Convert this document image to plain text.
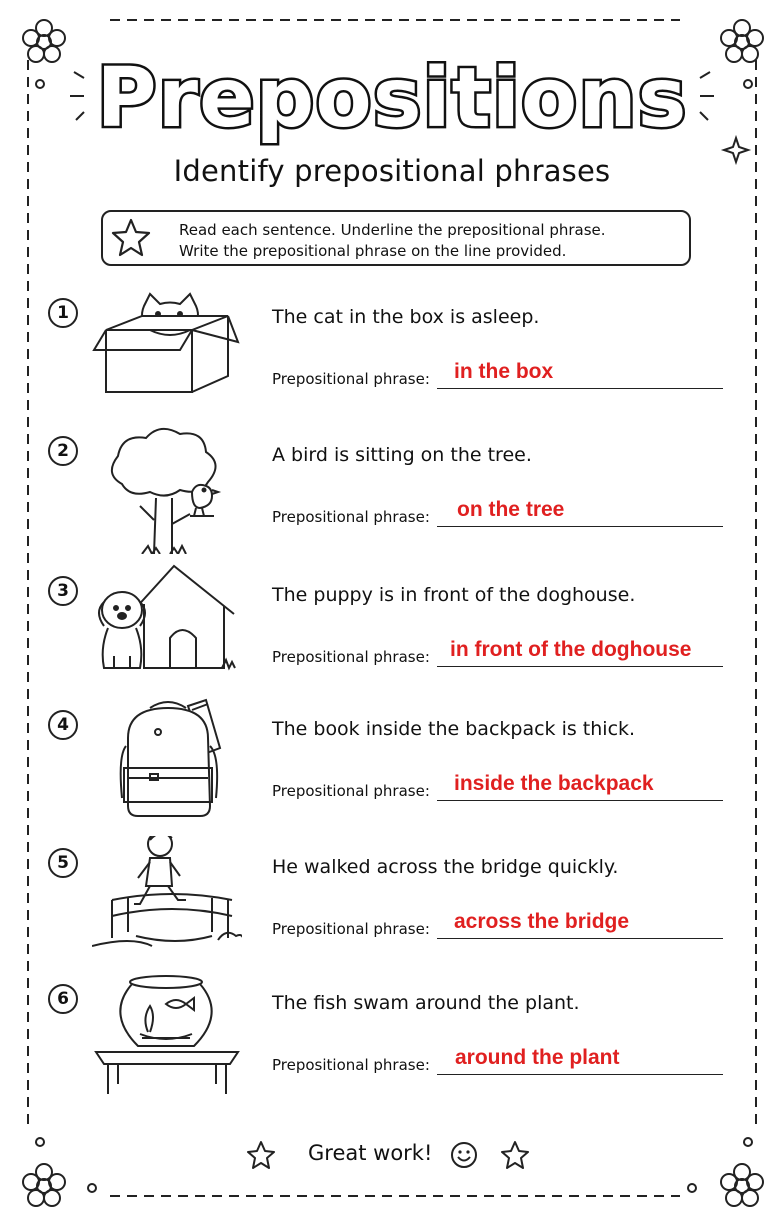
Prepositions
Identify prepositional phrases
Read each sentence. Underline the prepositional phrase.
Write the prepositional phrase on the line provided.
1	The cat in the box is asleep.
Prepositional phrase: in the box
2	A bird is sitting on the tree.
Prepositional phrase: on the tree
3	The puppy is in front of the doghouse.
Prepositional phrase: in front of the doghouse
4	The book inside the backpack is thick.
Prepositional phrase: inside the backpack
5	He walked across the bridge quickly.
Prepositional phrase: across the bridge
6	The fish swam around the plant.
Prepositional phrase: around the plant
Great work!
